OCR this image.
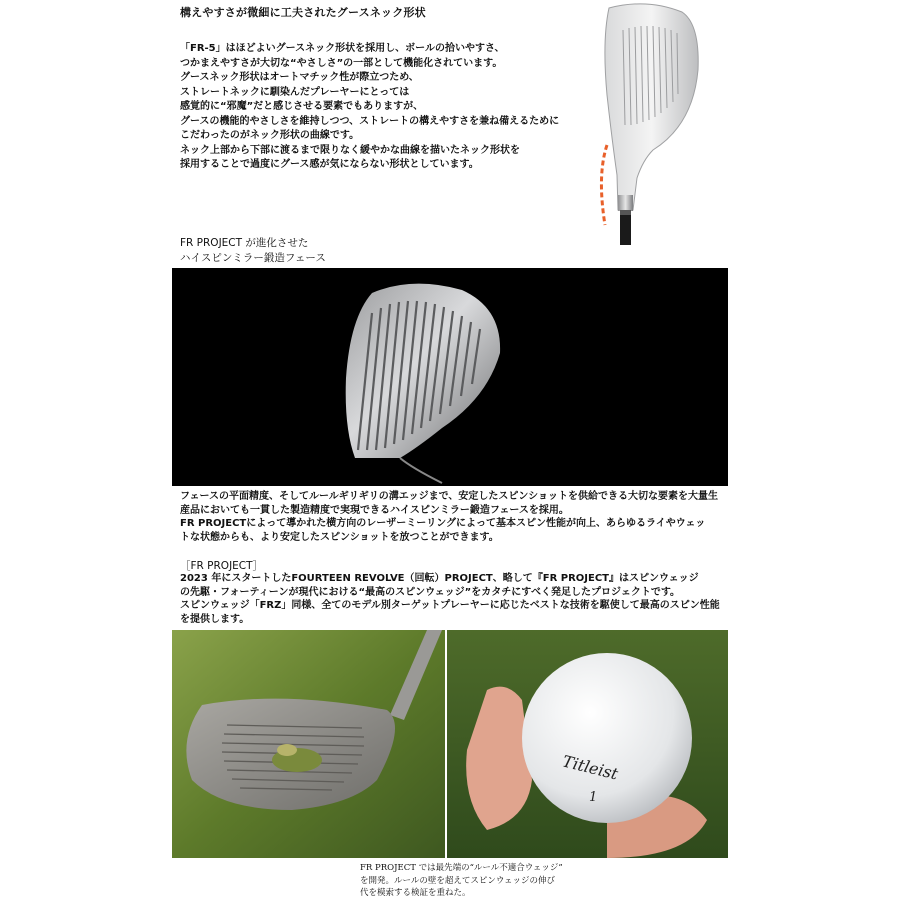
構えやすさが微細に工夫されたグースネック形状
「FR-5」はほどよいグースネック形状を採用し、ボールの拾いやすさ、
つかまえやすさが大切な“やさしさ”の一部として機能化されています。
グースネック形状はオートマチック性が際立つため、
ストレートネックに馴染んだプレーヤーにとっては
感覚的に“邪魔”だと感じさせる要素でもありますが、
グースの機能的やさしさを維持しつつ、ストレートの構えやすさを兼ね備えるために
こだわったのがネック形状の曲線です。
ネック上部から下部に渡るまで限りなく緩やかな曲線を描いたネック形状を
採用することで過度にグース感が気にならない形状としています。
FR PROJECT が進化させた
ハイスピンミラー鍛造フェース
フェースの平面精度、そしてルールギリギリの溝エッジまで、安定したスピンショットを供給できる大切な要素を大量生
産品においても一貫した製造精度で実現できるハイスピンミラー鍛造フェースを採用。
FR PROJECTによって導かれた横方向のレーザーミーリングによって基本スピン性能が向上、あらゆるライやウェッ
トな状態からも、より安定したスピンショットを放つことができます。
［FR PROJECT］
2023 年にスタートしたFOURTEEN REVOLVE（回転）PROJECT、略して『FR PROJECT』はスピンウェッジ
の先駆・フォーティーンが現代における“最高のスピンウェッジ”をカタチにすべく発足したプロジェクトです。
スピンウェッジ「FRZ」同様、全てのモデル別ターゲットプレーヤーに応じたベストな技術を駆使して最高のスピン性能
を提供します。
Titleist
1
FR PROJECT では最先端の“ルール不適合ウェッジ”
を開発。ルールの壁を超えてスピンウェッジの伸び
代を模索する検証を重ねた。
